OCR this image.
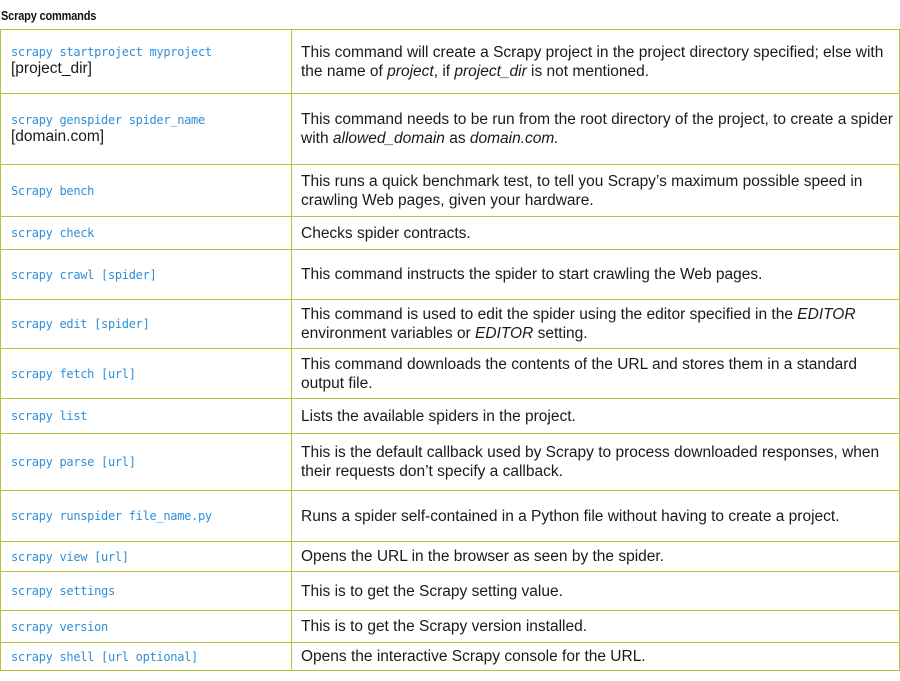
Scrapy commands
scrapy startproject myproject
[project_dir]	This command will create a Scrapy project in the project directory specified; else with the name of project, if project_dir is not mentioned.

scrapy genspider spider_name
[domain.com]	This command needs to be run from the root directory of the project, to create a spider with allowed_domain as domain.com.

Scrapy bench	This runs a quick benchmark test, to tell you Scrapy’s maximum possible speed in crawling Web pages, given your hardware.

scrapy check	Checks spider contracts.

scrapy crawl [spider]	This command instructs the spider to start crawling the Web pages.

scrapy edit [spider]	This command is used to edit the spider using the editor specified in the EDITOR environment variables or EDITOR setting.

scrapy fetch [url]	This command downloads the contents of the URL and stores them in a standard output file.

scrapy list	Lists the available spiders in the project.

scrapy parse [url]	This is the default callback used by Scrapy to process downloaded responses, when their requests don’t specify a callback.

scrapy runspider file_name.py	Runs a spider self-contained in a Python file without having to create a project.

scrapy view [url]	Opens the URL in the browser as seen by the spider.

scrapy settings	This is to get the Scrapy setting value.

scrapy version	This is to get the Scrapy version installed.

scrapy shell [url optional]	Opens the interactive Scrapy console for the URL.
